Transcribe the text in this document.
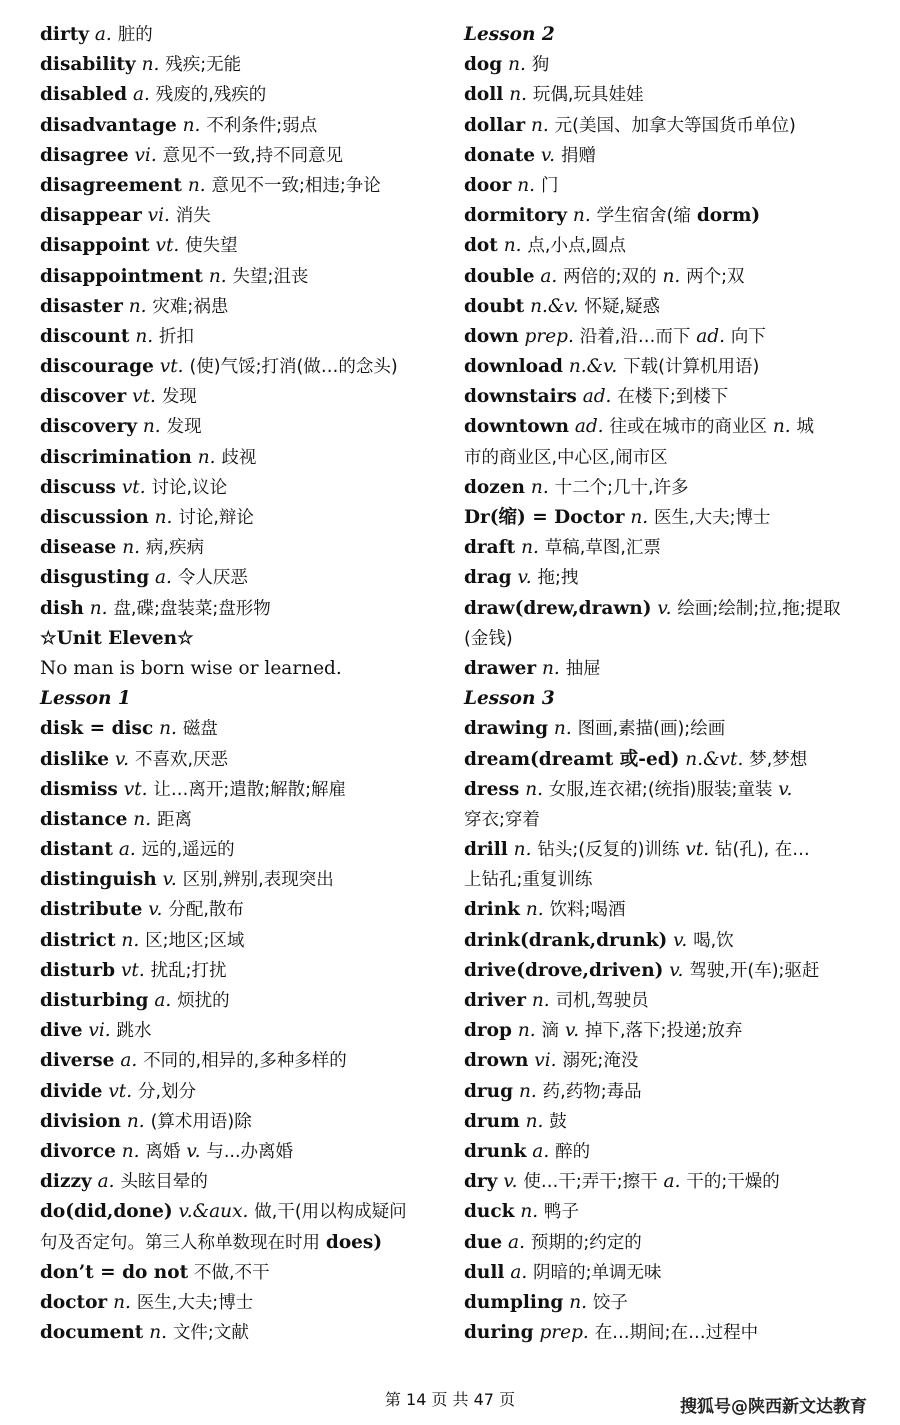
dirty a. 脏的
disability n. 残疾;无能
disabled a. 残废的,残疾的
disadvantage n. 不利条件;弱点
disagree vi. 意见不一致,持不同意见
disagreement n. 意见不一致;相违;争论
disappear vi. 消失
disappoint vt. 使失望
disappointment n. 失望;沮丧
disaster n. 灾难;祸患
discount n. 折扣
discourage vt. (使)气馁;打消(做…的念头)
discover vt. 发现
discovery n. 发现
discrimination n. 歧视
discuss vt. 讨论,议论
discussion n. 讨论,辩论
disease n. 病,疾病
disgusting a. 令人厌恶
dish n. 盘,碟;盘装菜;盘形物
☆Unit Eleven☆
No man is born wise or learned.
Lesson 1
disk = disc n. 磁盘
dislike v. 不喜欢,厌恶
dismiss vt. 让…离开;遣散;解散;解雇
distance n. 距离
distant a. 远的,遥远的
distinguish v. 区别,辨别,表现突出
distribute v. 分配,散布
district n. 区;地区;区域
disturb vt. 扰乱;打扰
disturbing a. 烦扰的
dive vi. 跳水
diverse a. 不同的,相异的,多种多样的
divide vt. 分,划分
division n. (算术用语)除
divorce n. 离婚 v. 与...办离婚
dizzy a. 头眩目晕的
do(did,done) v.&aux. 做,干(用以构成疑问
句及否定句。第三人称单数现在时用 does)
don’t = do not 不做,不干
doctor n. 医生,大夫;博士
document n. 文件;文献
Lesson 2
dog n. 狗
doll n. 玩偶,玩具娃娃
dollar n. 元(美国、加拿大等国货币单位)
donate v. 捐赠
door n. 门
dormitory n. 学生宿舍(缩 dorm)
dot n. 点,小点,圆点
double a. 两倍的;双的 n. 两个;双
doubt n.&v. 怀疑,疑惑
down prep. 沿着,沿…而下 ad. 向下
download n.&v. 下载(计算机用语)
downstairs ad. 在楼下;到楼下
downtown ad. 往或在城市的商业区 n. 城
市的商业区,中心区,闹市区
dozen n. 十二个;几十,许多
Dr(缩) = Doctor n. 医生,大夫;博士
draft n. 草稿,草图,汇票
drag v. 拖;拽
draw(drew,drawn) v. 绘画;绘制;拉,拖;提取
(金钱)
drawer n. 抽屉
Lesson 3
drawing n. 图画,素描(画);绘画
dream(dreamt 或-ed) n.&vt. 梦,梦想
dress n. 女服,连衣裙;(统指)服装;童装 v.
穿衣;穿着
drill n. 钻头;(反复的)训练 vt. 钻(孔), 在…
上钻孔;重复训练
drink n. 饮料;喝酒
drink(drank,drunk) v. 喝,饮
drive(drove,driven) v. 驾驶,开(车);驱赶
driver n. 司机,驾驶员
drop n. 滴 v. 掉下,落下;投递;放弃
drown vi. 溺死;淹没
drug n. 药,药物;毒品
drum n. 鼓
drunk a. 醉的
dry v. 使…干;弄干;擦干 a. 干的;干燥的
duck n. 鸭子
due a. 预期的;约定的
dull a. 阴暗的;单调无味
dumpling n. 饺子
during prep. 在…期间;在…过程中
第 14 页 共 47 页	搜狐号@陕西新文达教育
